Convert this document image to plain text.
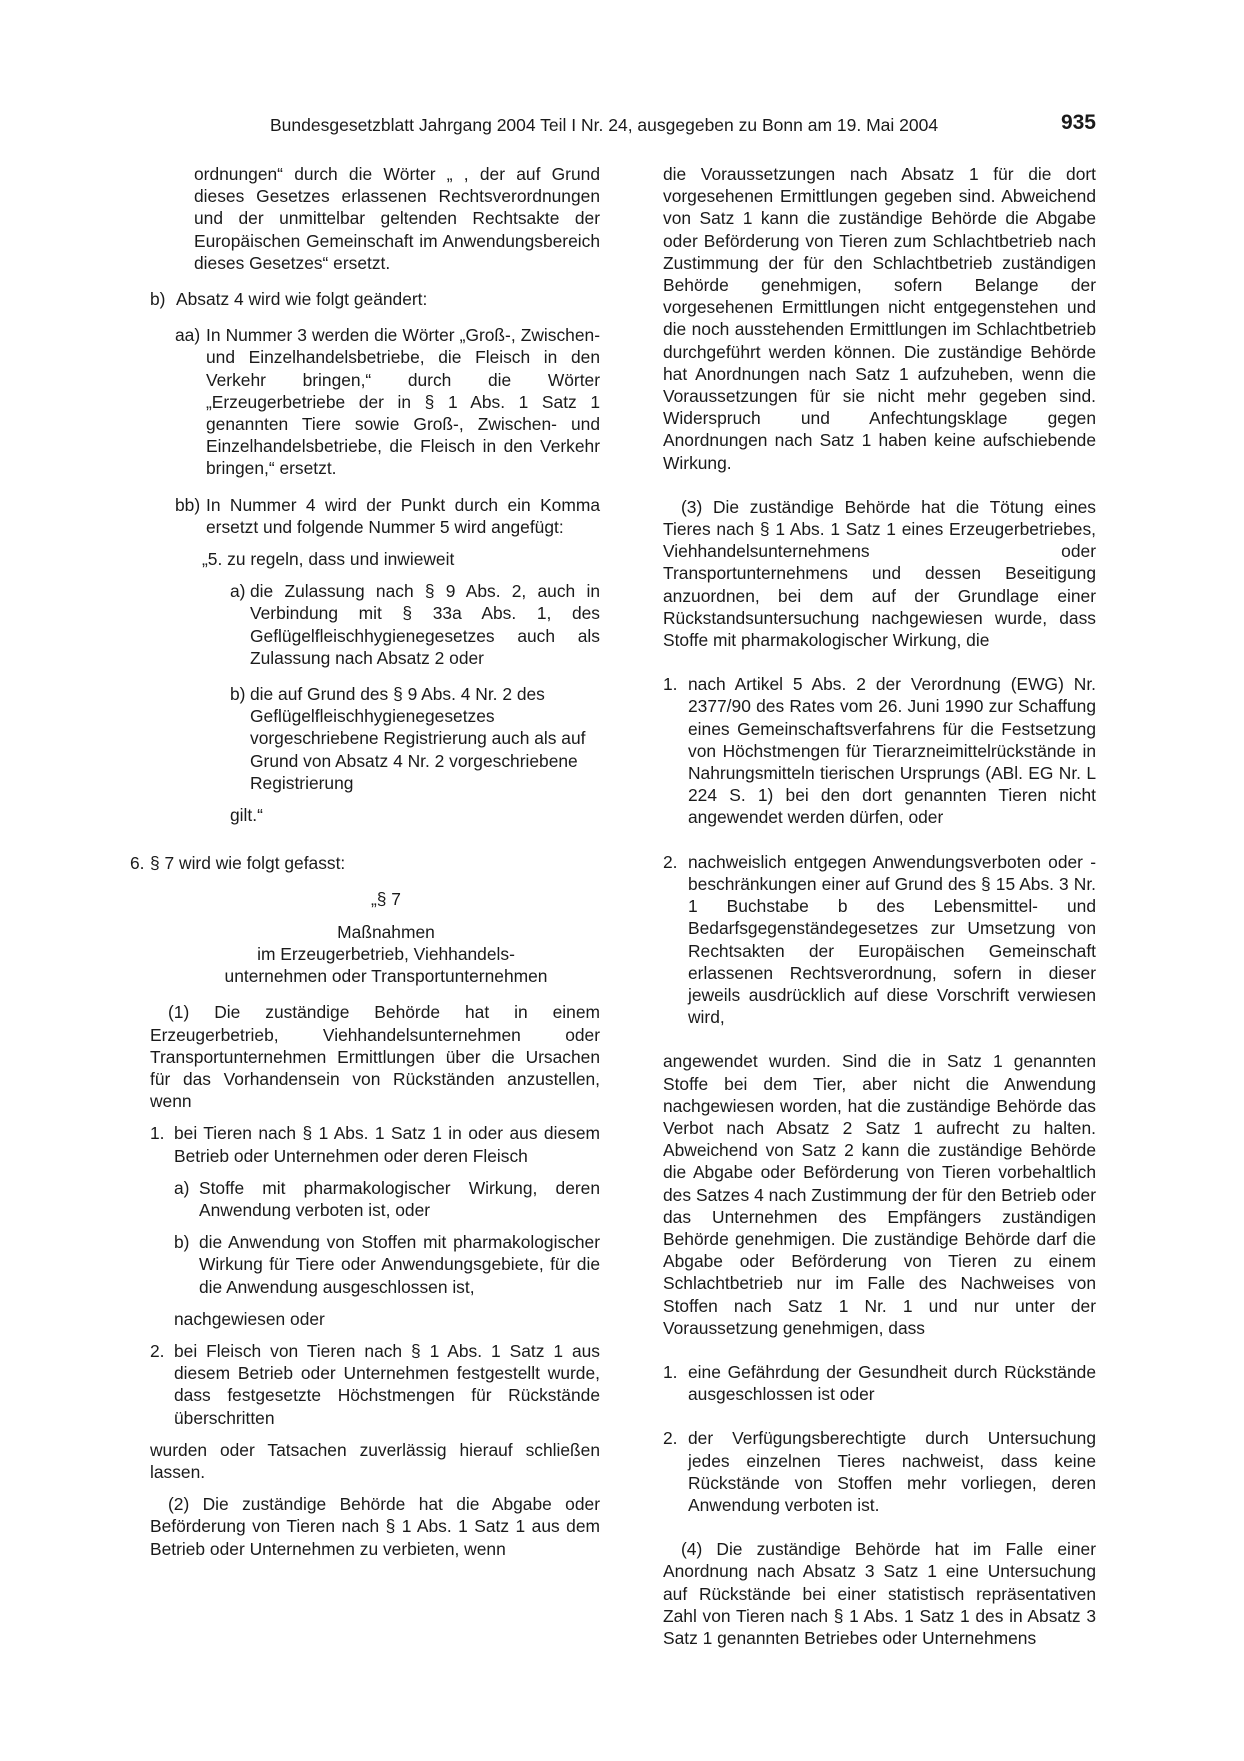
Bundesgesetzblatt Jahrgang 2004 Teil I Nr. 24, ausgegeben zu Bonn am 19. Mai 2004	935

ordnungen“ durch die Wörter „ , der auf Grund dieses Gesetzes erlassenen Rechtsverordnungen und der unmittelbar geltenden Rechtsakte der Europäischen Gemeinschaft im Anwendungsbereich dieses Gesetzes“ ersetzt.

b) Absatz 4 wird wie folgt geändert:
aa) In Nummer 3 werden die Wörter „Groß-, Zwischen- und Einzelhandelsbetriebe, die Fleisch in den Verkehr bringen,“ durch die Wörter „Erzeugerbetriebe der in § 1 Abs. 1 Satz 1 genannten Tiere sowie Groß-, Zwischen- und Einzelhandelsbetriebe, die Fleisch in den Verkehr bringen,“ ersetzt.
bb) In Nummer 4 wird der Punkt durch ein Komma ersetzt und folgende Nummer 5 wird angefügt:

„5. zu regeln, dass und inwieweit

a) die Zulassung nach § 9 Abs. 2, auch in Verbindung mit § 33a Abs. 1, des Geflügelfleischhygienegesetzes auch als Zulassung nach Absatz 2 oder
b) die auf Grund des § 9 Abs. 4 Nr. 2 des Geflügelfleischhygienegesetzes vorgeschriebene Registrierung auch als auf Grund von Absatz 4 Nr. 2 vorgeschriebene Registrierung

gilt.“

6. § 7 wird wie folgt gefasst:

„§ 7

Maßnahmen

im Erzeugerbetrieb, Viehhandels-

unternehmen oder Transportunternehmen

(1) Die zuständige Behörde hat in einem Erzeugerbetrieb, Viehhandelsunternehmen oder Transportunternehmen Ermittlungen über die Ursachen für das Vorhandensein von Rückständen anzustellen, wenn

1. bei Tieren nach § 1 Abs. 1 Satz 1 in oder aus diesem Betrieb oder Unternehmen oder deren Fleisch
a) Stoffe mit pharmakologischer Wirkung, deren Anwendung verboten ist, oder
b) die Anwendung von Stoffen mit pharmakologischer Wirkung für Tiere oder Anwendungsgebiete, für die die Anwendung ausgeschlossen ist,

nachgewiesen oder

2. bei Fleisch von Tieren nach § 1 Abs. 1 Satz 1 aus diesem Betrieb oder Unternehmen festgestellt wurde, dass festgesetzte Höchstmengen für Rückstände überschritten

wurden oder Tatsachen zuverlässig hierauf schließen lassen.

(2) Die zuständige Behörde hat die Abgabe oder Beförderung von Tieren nach § 1 Abs. 1 Satz 1 aus dem Betrieb oder Unternehmen zu verbieten, wenn

die Voraussetzungen nach Absatz 1 für die dort vorgesehenen Ermittlungen gegeben sind. Abweichend von Satz 1 kann die zuständige Behörde die Abgabe oder Beförderung von Tieren zum Schlachtbetrieb nach Zustimmung der für den Schlachtbetrieb zuständigen Behörde genehmigen, sofern Belange der vorgesehenen Ermittlungen nicht entgegenstehen und die noch ausstehenden Ermittlungen im Schlachtbetrieb durchgeführt werden können. Die zuständige Behörde hat Anordnungen nach Satz 1 aufzuheben, wenn die Voraussetzungen für sie nicht mehr gegeben sind. Widerspruch und Anfechtungsklage gegen Anordnungen nach Satz 1 haben keine aufschiebende Wirkung.

(3) Die zuständige Behörde hat die Tötung eines Tieres nach § 1 Abs. 1 Satz 1 eines Erzeugerbetriebes, Viehhandelsunternehmens oder Transportunternehmens und dessen Beseitigung anzuordnen, bei dem auf der Grundlage einer Rückstandsuntersuchung nachgewiesen wurde, dass Stoffe mit pharmakologischer Wirkung, die

1. nach Artikel 5 Abs. 2 der Verordnung (EWG) Nr. 2377/90 des Rates vom 26. Juni 1990 zur Schaffung eines Gemeinschaftsverfahrens für die Festsetzung von Höchstmengen für Tierarzneimittelrückstände in Nahrungsmitteln tierischen Ursprungs (ABl. EG Nr. L 224 S. 1) bei den dort genannten Tieren nicht angewendet werden dürfen, oder
2. nachweislich entgegen Anwendungsverboten oder -beschränkungen einer auf Grund des § 15 Abs. 3 Nr. 1 Buchstabe b des Lebensmittel- und Bedarfsgegenständegesetzes zur Umsetzung von Rechtsakten der Europäischen Gemeinschaft erlassenen Rechtsverordnung, sofern in dieser jeweils ausdrücklich auf diese Vorschrift verwiesen wird,

angewendet wurden. Sind die in Satz 1 genannten Stoffe bei dem Tier, aber nicht die Anwendung nachgewiesen worden, hat die zuständige Behörde das Verbot nach Absatz 2 Satz 1 aufrecht zu halten. Abweichend von Satz 2 kann die zuständige Behörde die Abgabe oder Beförderung von Tieren vorbehaltlich des Satzes 4 nach Zustimmung der für den Betrieb oder das Unternehmen des Empfängers zuständigen Behörde genehmigen. Die zuständige Behörde darf die Abgabe oder Beförderung von Tieren zu einem Schlachtbetrieb nur im Falle des Nachweises von Stoffen nach Satz 1 Nr. 1 und nur unter der Voraussetzung genehmigen, dass

1. eine Gefährdung der Gesundheit durch Rückstände ausgeschlossen ist oder
2. der Verfügungsberechtigte durch Untersuchung jedes einzelnen Tieres nachweist, dass keine Rückstände von Stoffen mehr vorliegen, deren Anwendung verboten ist.

(4) Die zuständige Behörde hat im Falle einer Anordnung nach Absatz 3 Satz 1 eine Untersuchung auf Rückstände bei einer statistisch repräsentativen Zahl von Tieren nach § 1 Abs. 1 Satz 1 des in Absatz 3 Satz 1 genannten Betriebes oder Unternehmens
